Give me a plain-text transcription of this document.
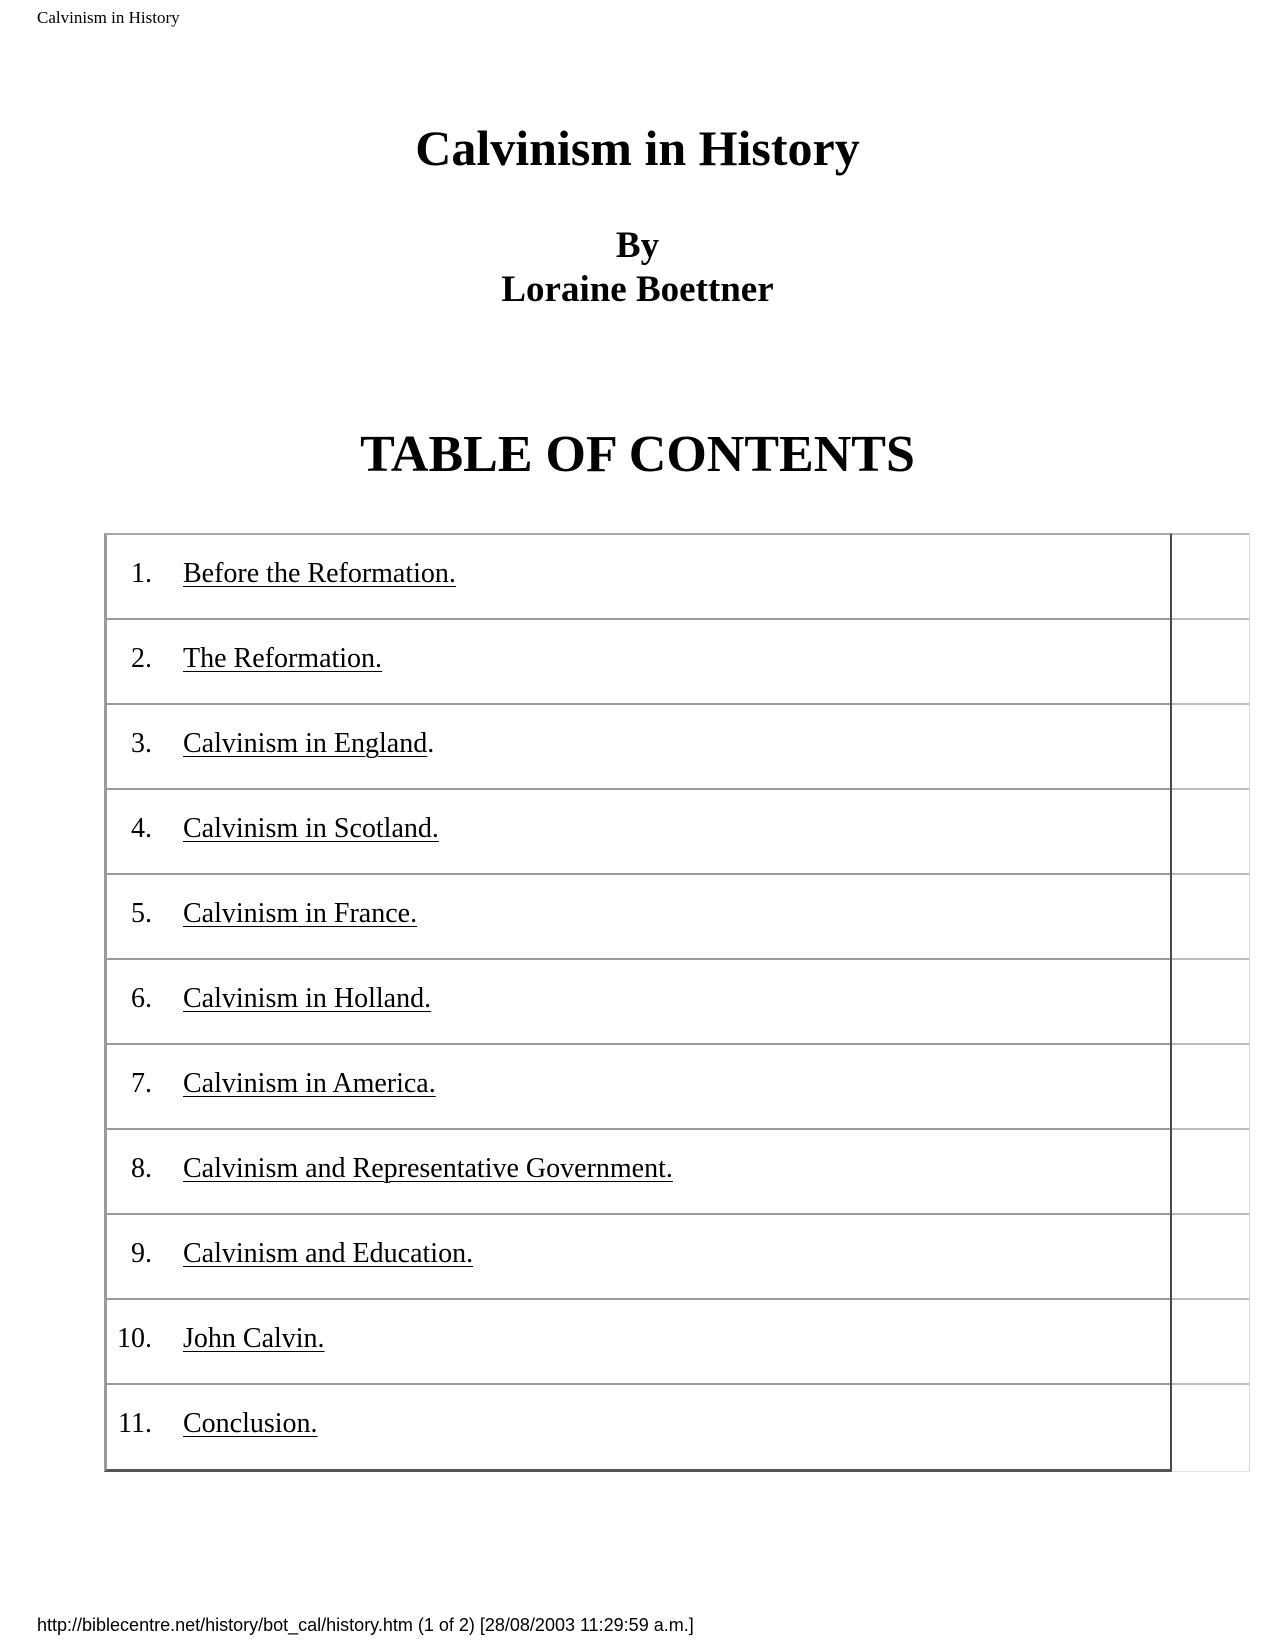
Calvinism in History
Calvinism in History
By
Loraine Boettner
TABLE OF CONTENTS
1. Before the Reformation.
2. The Reformation.
3. Calvinism in England.
4. Calvinism in Scotland.
5. Calvinism in France.
6. Calvinism in Holland.
7. Calvinism in America.
8. Calvinism and Representative Government.
9. Calvinism and Education.
10. John Calvin.
11. Conclusion.
http://biblecentre.net/history/bot_cal/history.htm (1 of 2) [28/08/2003 11:29:59 a.m.]
